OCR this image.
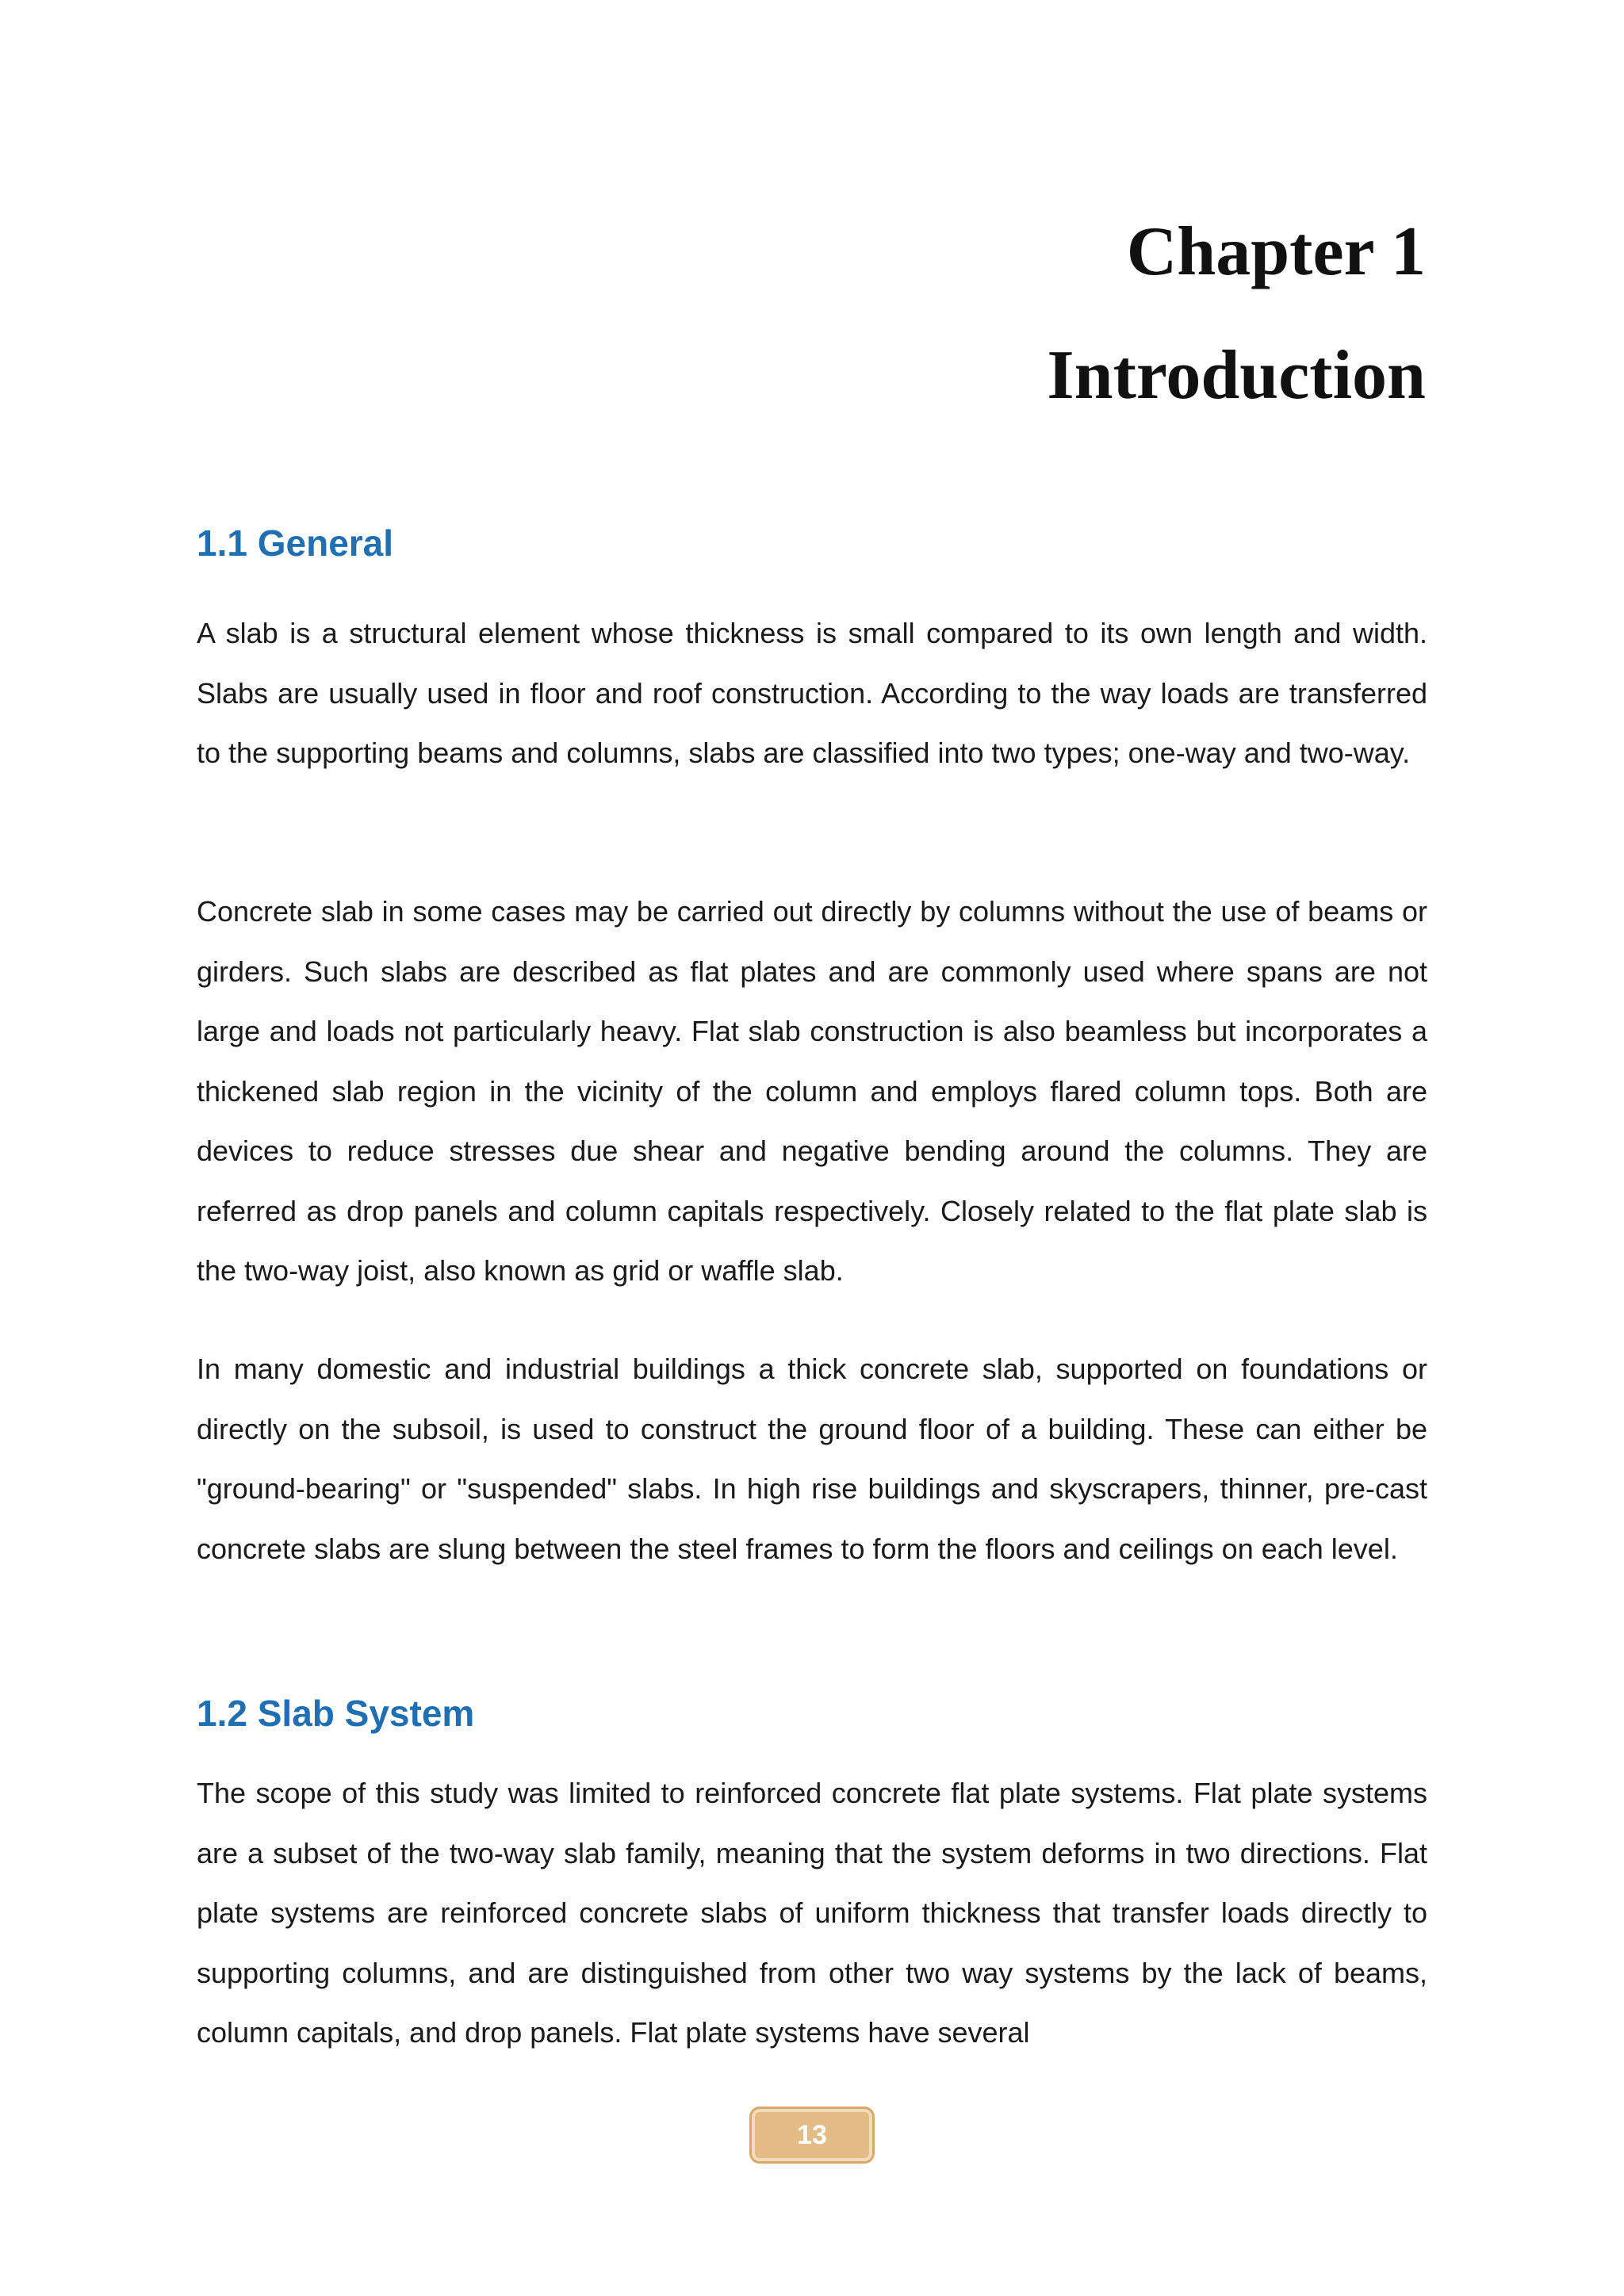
Chapter 1
Introduction
1.1 General

A slab is a structural element whose thickness is small compared to its own length and width. Slabs are usually used in floor and roof construction. According to the way loads are transferred to the supporting beams and columns, slabs are classified into two types; one-way and two-way.

Concrete slab in some cases may be carried out directly by columns without the use of beams or girders. Such slabs are described as flat plates and are commonly used where spans are not large and loads not particularly heavy. Flat slab construction is also beamless but incorporates a thickened slab region in the vicinity of the column and employs flared column tops. Both are devices to reduce stresses due shear and negative bending around the columns. They are referred as drop panels and column capitals respectively. Closely related to the flat plate slab is the two-way joist, also known as grid or waffle slab.

In many domestic and industrial buildings a thick concrete slab, supported on foundations or directly on the subsoil, is used to construct the ground floor of a building. These can either be "ground-bearing" or "suspended" slabs. In high rise buildings and skyscrapers, thinner, pre-cast concrete slabs are slung between the steel frames to form the floors and ceilings on each level.

1.2 Slab System

The scope of this study was limited to reinforced concrete flat plate systems. Flat plate systems are a subset of the two-way slab family, meaning that the system deforms in two directions. Flat plate systems are reinforced concrete slabs of uniform thickness that transfer loads directly to supporting columns, and are distinguished from other two way systems by the lack of beams, column capitals, and drop panels. Flat plate systems have several

13
